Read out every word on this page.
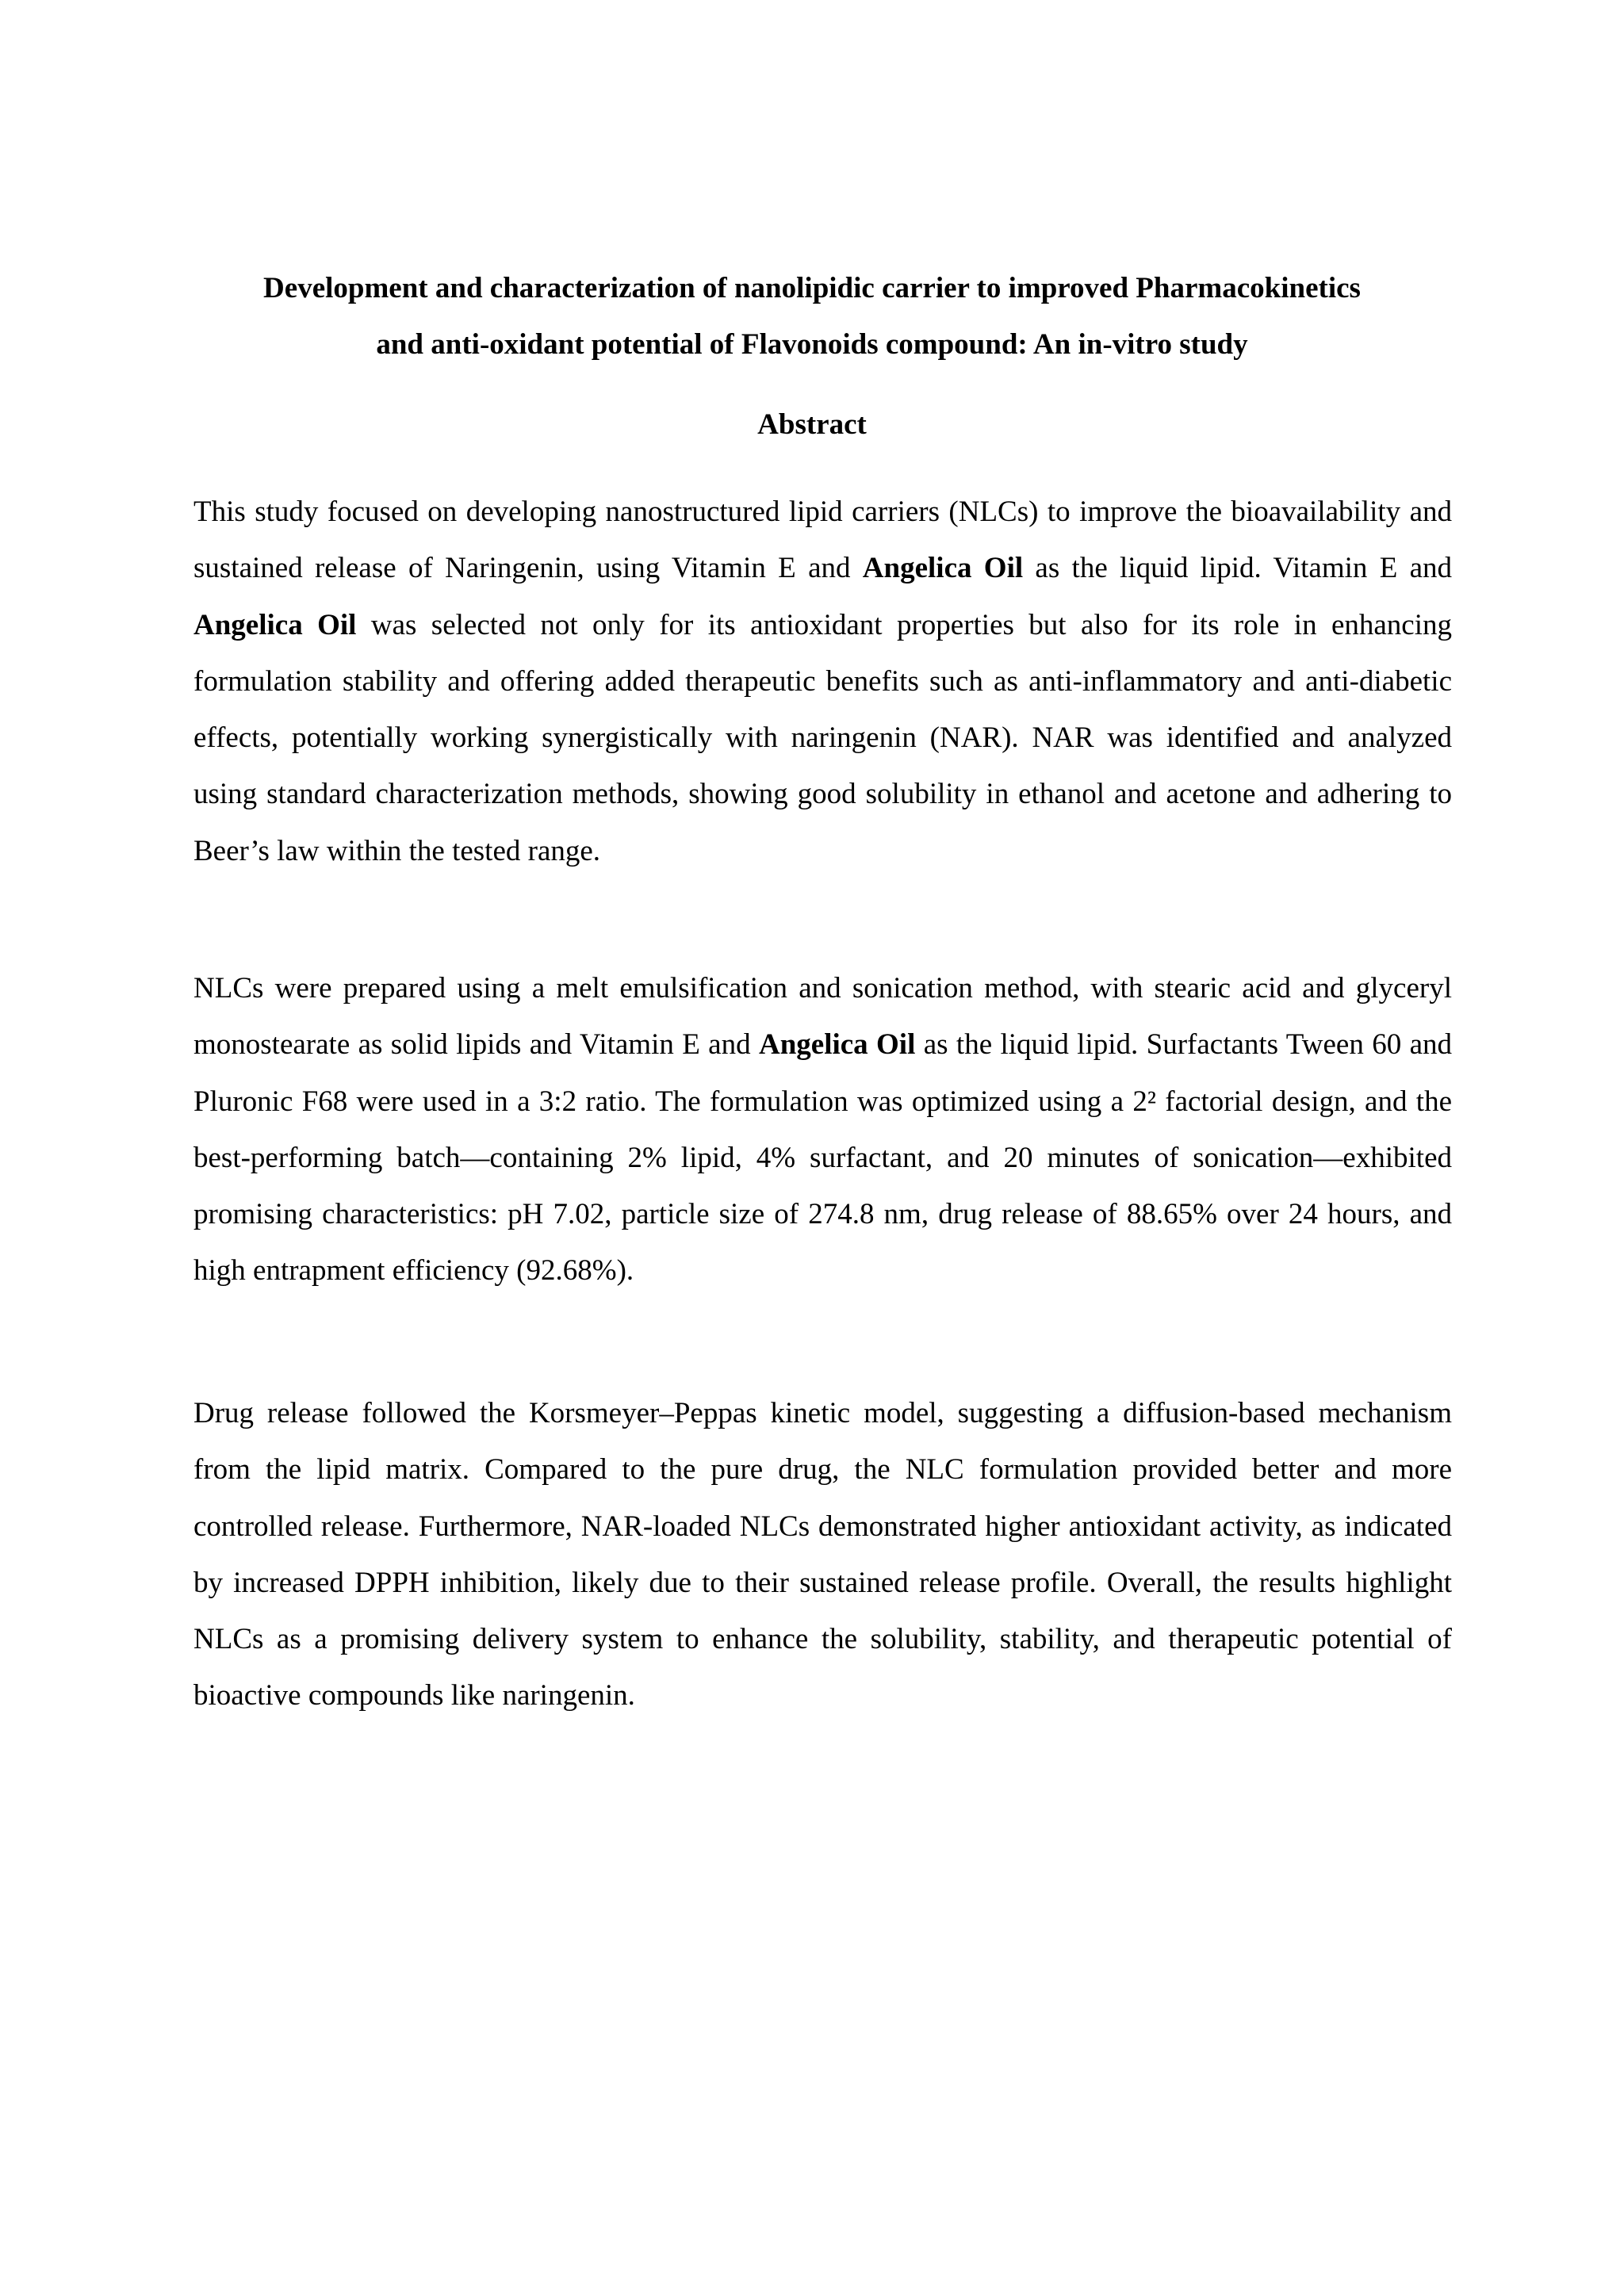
Development and characterization of nanolipidic carrier to improved Pharmacokinetics
and anti-oxidant potential of Flavonoids compound: An in-vitro study
Abstract

This study focused on developing nanostructured lipid carriers (NLCs) to improve the bioavailability and sustained release of Naringenin, using Vitamin E and Angelica Oil as the liquid lipid. Vitamin E and Angelica Oil was selected not only for its antioxidant properties but also for its role in enhancing formulation stability and offering added therapeutic benefits such as anti-inflammatory and anti-diabetic effects, potentially working synergistically with naringenin (NAR). NAR was identified and analyzed using standard characterization methods, showing good solubility in ethanol and acetone and adhering to Beer’s law within the tested range.

NLCs were prepared using a melt emulsification and sonication method, with stearic acid and glyceryl monostearate as solid lipids and Vitamin E and Angelica Oil as the liquid lipid. Surfactants Tween 60 and Pluronic F68 were used in a 3:2 ratio. The formulation was optimized using a 2² factorial design, and the best-performing batch—containing 2% lipid, 4% surfactant, and 20 minutes of sonication—exhibited promising characteristics: pH 7.02, particle size of 274.8 nm, drug release of 88.65% over 24 hours, and high entrapment efficiency (92.68%).

Drug release followed the Korsmeyer–Peppas kinetic model, suggesting a diffusion-based mechanism from the lipid matrix. Compared to the pure drug, the NLC formulation provided better and more controlled release. Furthermore, NAR-loaded NLCs demonstrated higher antioxidant activity, as indicated by increased DPPH inhibition, likely due to their sustained release profile. Overall, the results highlight NLCs as a promising delivery system to enhance the solubility, stability, and therapeutic potential of bioactive compounds like naringenin.
